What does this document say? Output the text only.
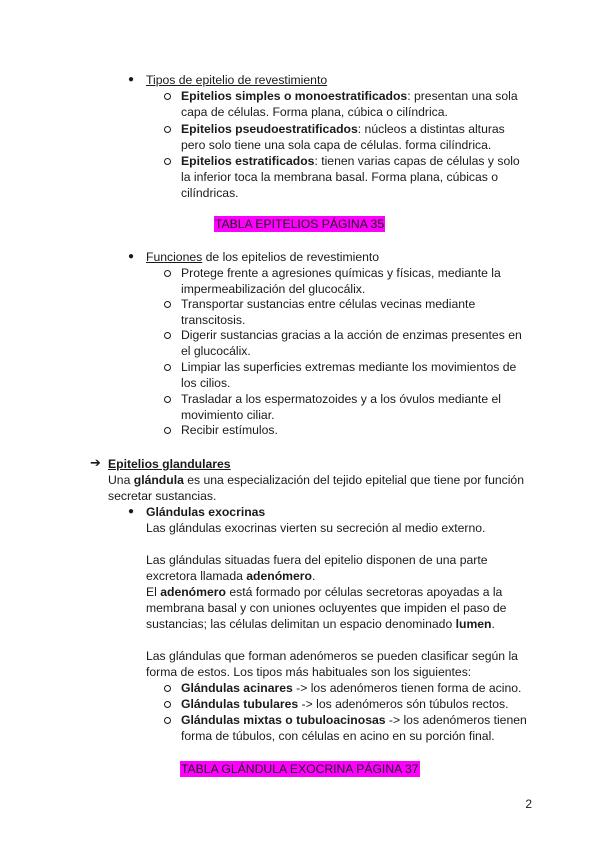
● Tipos de epitelio de revestimiento
Epitelios simples o monoestratificados: presentan una sola
capa de células. Forma plana, cúbica o cilíndrica.
Epitelios pseudoestratificados: núcleos a distintas alturas
pero solo tiene una sola capa de células. forma cilíndrica.
Epitelios estratificados: tienen varias capas de células y solo
la inferior toca la membrana basal. Forma plana, cúbicas o
cilíndricas.
TABLA EPITELIOS PÁGINA 35
● Funciones de los epitelios de revestimiento
Protege frente a agresiones químicas y físicas, mediante la
impermeabilización del glucocálix.
Transportar sustancias entre células vecinas mediante
transcitosis.
Digerir sustancias gracias a la acción de enzimas presentes en
el glucocálix.
Limpiar las superficies extremas mediante los movimientos de
los cilios.
Trasladar a los espermatozoides y a los óvulos mediante el
movimiento ciliar.
Recibir estímulos.
➔ Epitelios glandulares
Una glándula es una especialización del tejido epitelial que tiene por función
secretar sustancias.
● Glándulas exocrinas
Las glándulas exocrinas vierten su secreción al medio externo.
Las glándulas situadas fuera del epitelio disponen de una parte
excretora llamada adenómero.
El adenómero está formado por células secretoras apoyadas a la
membrana basal y con uniones ocluyentes que impiden el paso de
sustancias; las células delimitan un espacio denominado lumen.
Las glándulas que forman adenómeros se pueden clasificar según la
forma de estos. Los tipos más habituales son los siguientes:
Glándulas acinares -> los adenómeros tienen forma de acino.
Glándulas tubulares -> los adenómeros són túbulos rectos.
Glándulas mixtas o tubuloacinosas -> los adenómeros tienen
forma de túbulos, con células en acino en su porción final.
TABLA GLÁNDULA EXOCRINA PÁGINA 37
2
